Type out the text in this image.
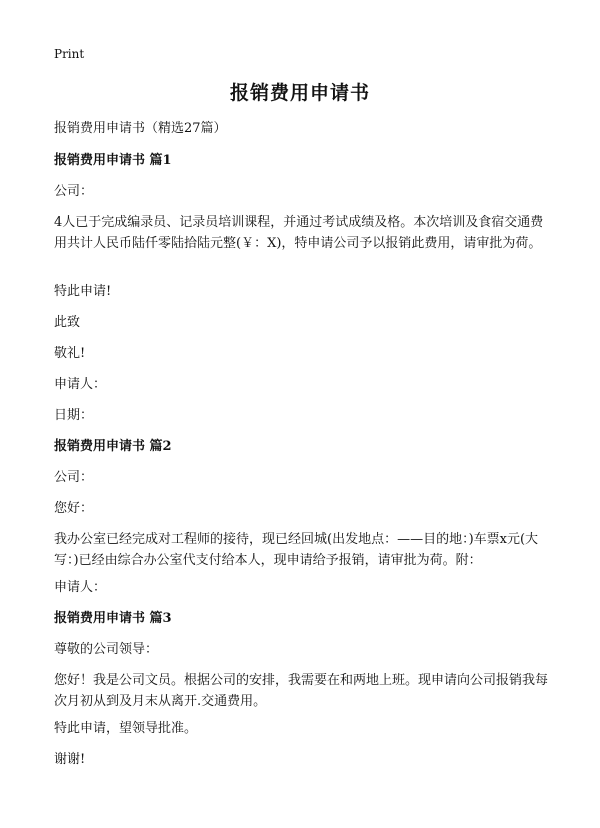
Print
报销费用申请书
报销费用申请书（精选27篇）
报销费用申请书 篇1
公司：
4人已于完成编录员、记录员培训课程，并通过考试成绩及格。本次培训及食宿交通费用共计人民币陆仟零陆拾陆元整(￥：X)，特申请公司予以报销此费用，请审批为荷。
特此申请!
此致
敬礼!
申请人：
日期：
报销费用申请书 篇2
公司：
您好：
我办公室已经完成对工程师的接待，现已经回城(出发地点：——目的地：)车票x元(大写：)已经由综合办公室代支付给本人，现申请给予报销，请审批为荷。附：
申请人：
报销费用申请书 篇3
尊敬的公司领导：
您好！我是公司文员。根据公司的安排，我需要在和两地上班。现申请向公司报销我每次月初从到及月末从离开.交通费用。
特此申请，望领导批准。
谢谢!
